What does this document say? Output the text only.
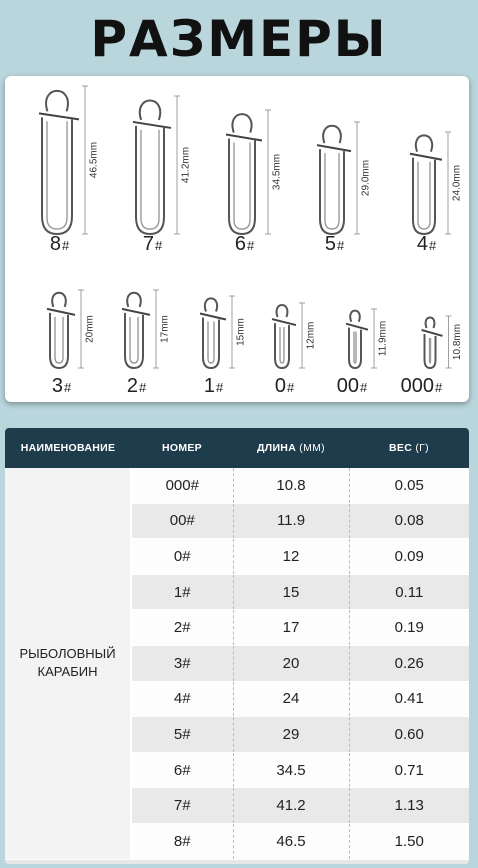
РАЗМЕРЫ
46.5mm
8 #
41.2mm
7 #
34.5mm
6 #
29.0mm
5 #
24.0mm
4 #
20mm
3 #
17mm
2 #
15mm
1 #
12mm
0 #
11.9mm
00 #
10.8mm
000 #
НАИМЕНОВАНИЕ	НОМЕР	ДЛИНА (ММ)	ВЕС (Г)
РЫБОЛОВНЫЙ
КАРАБИН	000#	10.8	0.05
	00#	11.9	0.08
	0#	12	0.09
	1#	15	0.11
	2#	17	0.19
	3#	20	0.26
	4#	24	0.41
	5#	29	0.60
	6#	34.5	0.71
	7#	41.2	1.13
	8#	46.5	1.50
